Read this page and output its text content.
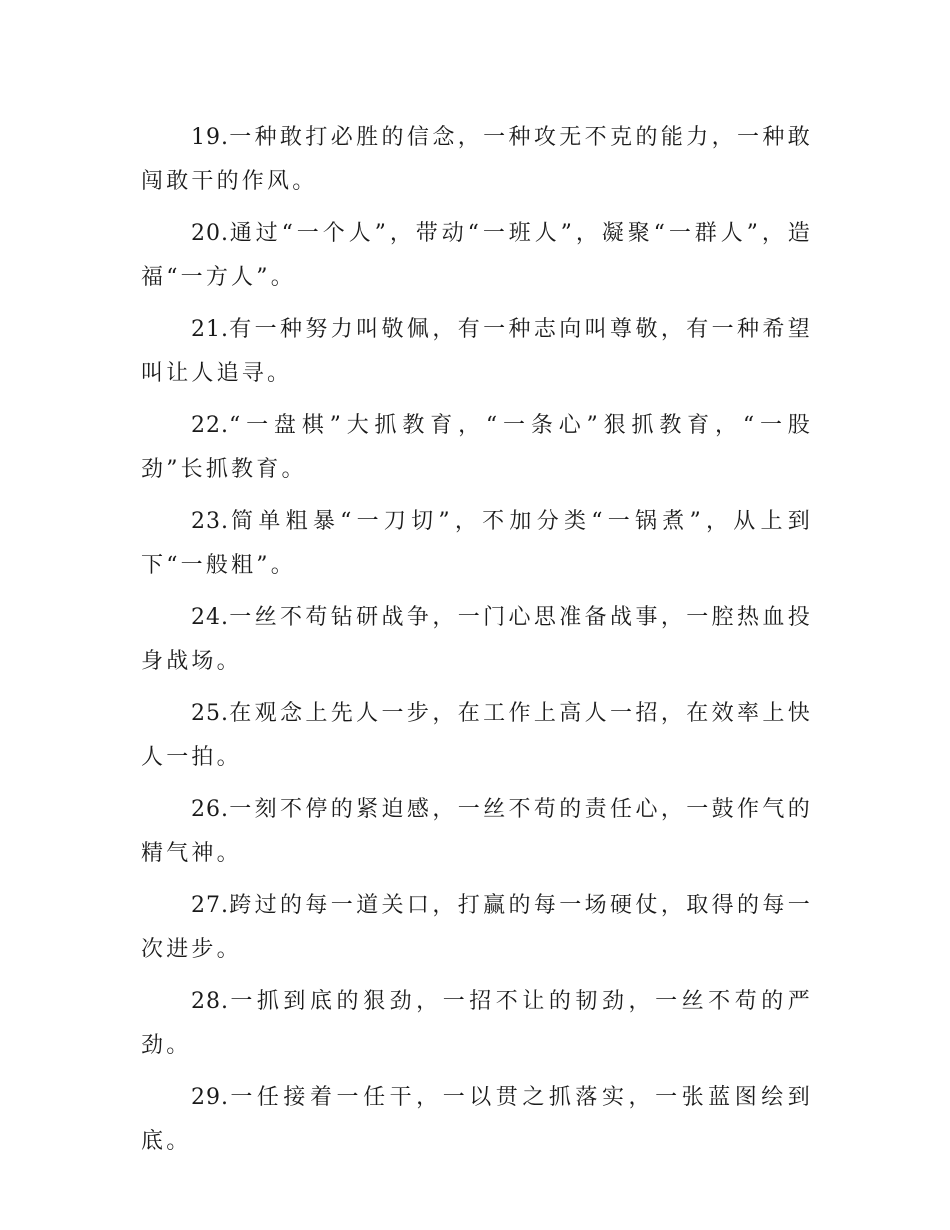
19.一种敢打必胜的信念，一种攻无不克的能力，一种敢闯敢干的作风。

20.通过“一个人”，带动“一班人”，凝聚“一群人”，造福“一方人”。

21.有一种努力叫敬佩，有一种志向叫尊敬，有一种希望叫让人追寻。

22.“一盘棋”大抓教育，“一条心”狠抓教育，“一股劲”长抓教育。

23.简单粗暴“一刀切”，不加分类“一锅煮”，从上到下“一般粗”。

24.一丝不苟钻研战争，一门心思准备战事，一腔热血投身战场。

25.在观念上先人一步，在工作上高人一招，在效率上快人一拍。

26.一刻不停的紧迫感，一丝不苟的责任心，一鼓作气的精气神。

27.跨过的每一道关口，打赢的每一场硬仗，取得的每一次进步。

28.一抓到底的狠劲，一招不让的韧劲，一丝不苟的严劲。

29.一任接着一任干，一以贯之抓落实，一张蓝图绘到底。
